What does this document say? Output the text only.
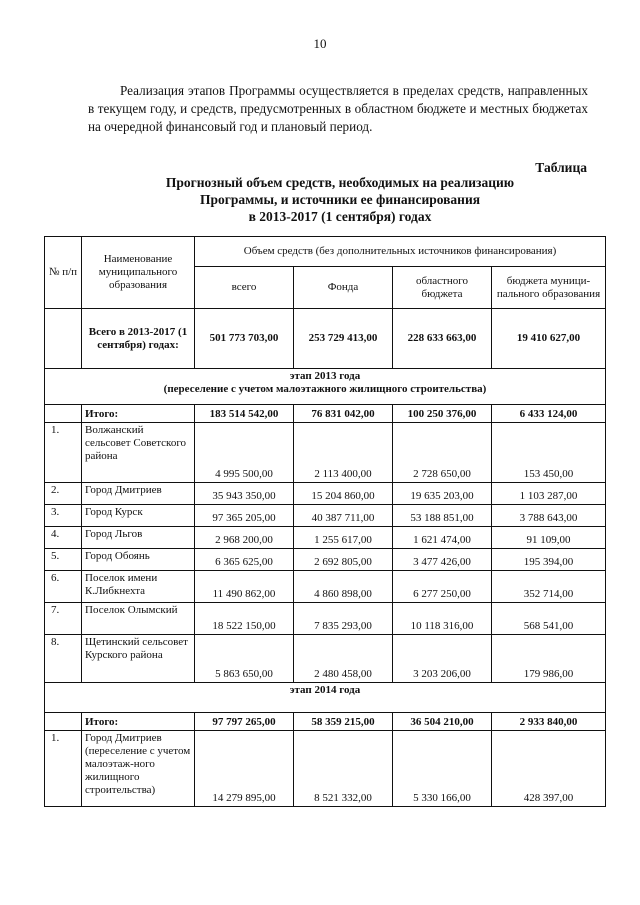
10
Реализация этапов Программы осуществляется в пределах средств, направленных в текущем году, и средств, предусмотренных в областном бюджете и местных бюджетах на очередной финансовый год и плановый период.
Таблица
Прогнозный объем средств, необходимых на реализацию
Программы, и источники ее финансирования
в 2013-2017 (1 сентября) годах
№ п/п	Наименование муниципального образования	Объем средств (без дополнительных источников финансирования)			
		всего	Фонда	областного бюджета	бюджета муници-пального образования
	Всего в 2013-2017 (1 сентября) годах:	501 773 703,00	253 729 413,00	228 633 663,00	19 410 627,00

этап 2013 года
(переселение с учетом малоэтажного жилищного строительства)					

	Итого:	183 514 542,00	76 831 042,00	100 250 376,00	6 433 124,00
1.	Волжанский сельсовет Советского района	4 995 500,00	2 113 400,00	2 728 650,00	153 450,00
2.	Город Дмитриев	35 943 350,00	15 204 860,00	19 635 203,00	1 103 287,00
3.	Город Курск	97 365 205,00	40 387 711,00	53 188 851,00	3 788 643,00
4.	Город Льгов	2 968 200,00	1 255 617,00	1 621 474,00	91 109,00
5.	Город Обоянь	6 365 625,00	2 692 805,00	3 477 426,00	195 394,00
6.	Поселок имени К.Либкнехта	11 490 862,00	4 860 898,00	6 277 250,00	352 714,00
7.	Поселок Олымский	18 522 150,00	7 835 293,00	10 118 316,00	568 541,00
8.	Щетинский сельсовет Курского района	5 863 650,00	2 480 458,00	3 203 206,00	179 986,00

этап 2014 года					

	Итого:	97 797 265,00	58 359 215,00	36 504 210,00	2 933 840,00
1.	Город Дмитриев (переселение с учетом малоэтаж-ного жилищного строительства)	14 279 895,00	8 521 332,00	5 330 166,00	428 397,00
